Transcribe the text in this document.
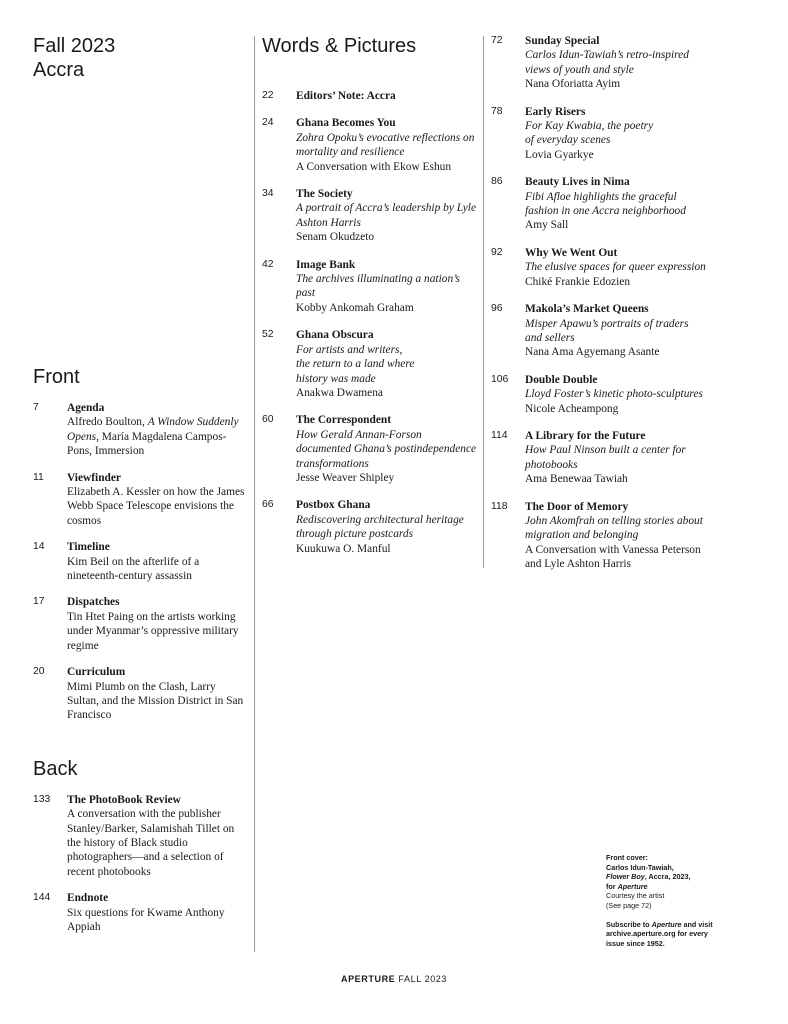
Fall 2023
Accra
Front
7 Agenda
Alfredo Boulton, A Window Suddenly Opens, María Magdalena Campos-Pons, Immersion
11 Viewfinder
Elizabeth A. Kessler on how the James Webb Space Telescope envisions the cosmos
14 Timeline
Kim Beil on the afterlife of a nineteenth-century assassin
17 Dispatches
Tin Htet Paing on the artists working under Myanmar’s oppressive military regime
20 Curriculum
Mimi Plumb on the Clash, Larry Sultan, and the Mission District in San Francisco
Back
133 The PhotoBook Review
A conversation with the publisher Stanley/Barker, Salamishah Tillet on the history of Black studio photographers—and a selection of recent photobooks
144 Endnote
Six questions for Kwame Anthony Appiah
Words & Pictures
22 Editors’ Note: Accra
24 Ghana Becomes You
Zohra Opoku’s evocative reflections on mortality and resilience
A Conversation with Ekow Eshun
34 The Society
A portrait of Accra’s leadership by Lyle Ashton Harris
Senam Okudzeto
42 Image Bank
The archives illuminating a nation’s past
Kobby Ankomah Graham
52 Ghana Obscura
For artists and writers, the return to a land where history was made
Anakwa Dwamena
60 The Correspondent
How Gerald Annan-Forson documented Ghana’s postindependence transformations
Jesse Weaver Shipley
66 Postbox Ghana
Rediscovering architectural heritage through picture postcards
Kuukuwa O. Manful
72 Sunday Special
Carlos Idun-Tawiah’s retro-inspired views of youth and style
Nana Oforiatta Ayim
78 Early Risers
For Kay Kwabia, the poetry of everyday scenes
Lovia Gyarkye
86 Beauty Lives in Nima
Fibi Afloe highlights the graceful fashion in one Accra neighborhood
Amy Sall
92 Why We Went Out
The elusive spaces for queer expression
Chiké Frankie Edozien
96 Makola’s Market Queens
Misper Apawu’s portraits of traders and sellers
Nana Ama Agyemang Asante
106 Double Double
Lloyd Foster’s kinetic photo-sculptures
Nicole Acheampong
114 A Library for the Future
How Paul Ninson built a center for photobooks
Ama Benewaa Tawiah
118 The Door of Memory
John Akomfrah on telling stories about migration and belonging
A Conversation with Vanessa Peterson and Lyle Ashton Harris
Front cover:
Carlos Idun-Tawiah,
Flower Boy, Accra, 2023,
for Aperture
Courtesy the artist
(See page 72)
Subscribe to Aperture and visit archive.aperture.org for every issue since 1952.
APERTURE FALL 2023
